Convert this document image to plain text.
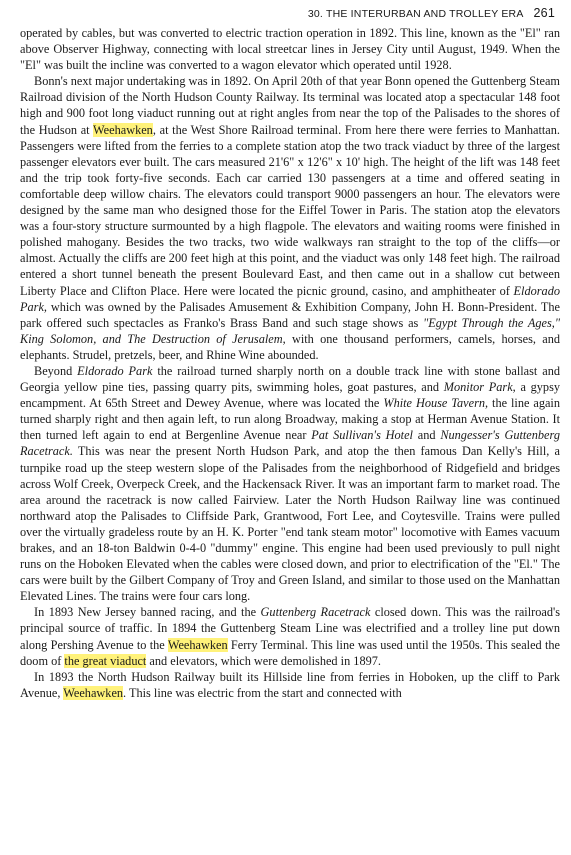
30. THE INTERURBAN AND TROLLEY ERA 261

operated by cables, but was converted to electric traction operation in 1892. This line, known as the "El" ran above Observer Highway, connecting with local streetcar lines in Jersey City until August, 1949. When the "El" was built the incline was converted to a wagon elevator which operated until 1928.

Bonn's next major undertaking was in 1892. On April 20th of that year Bonn opened the Guttenberg Steam Railroad division of the North Hudson County Railway. Its terminal was located atop a spectacular 148 foot high and 900 foot long viaduct running out at right angles from near the top of the Palisades to the shores of the Hudson at Weehawken, at the West Shore Railroad terminal. From here there were ferries to Manhattan. Passengers were lifted from the ferries to a complete station atop the two track viaduct by three of the largest passenger elevators ever built. The cars measured 21'6" x 12'6" x 10' high. The height of the lift was 148 feet and the trip took forty-five seconds. Each car carried 130 passengers at a time and offered seating in comfortable deep willow chairs. The elevators could transport 9000 passengers an hour. The elevators were designed by the same man who designed those for the Eiffel Tower in Paris. The station atop the elevators was a four-story structure surmounted by a high flagpole. The elevators and waiting rooms were finished in polished mahogany. Besides the two tracks, two wide walkways ran straight to the top of the cliffs—or almost. Actually the cliffs are 200 feet high at this point, and the viaduct was only 148 feet high. The railroad entered a short tunnel beneath the present Boulevard East, and then came out in a shallow cut between Liberty Place and Clifton Place. Here were located the picnic ground, casino, and amphitheater of Eldorado Park, which was owned by the Palisades Amusement & Exhibition Company, John H. Bonn-President. The park offered such spectacles as Franko's Brass Band and such stage shows as "Egypt Through the Ages," King Solomon, and The Destruction of Jerusalem, with one thousand performers, camels, horses, and elephants. Strudel, pretzels, beer, and Rhine Wine abounded.

Beyond Eldorado Park the railroad turned sharply north on a double track line with stone ballast and Georgia yellow pine ties, passing quarry pits, swimming holes, goat pastures, and Monitor Park, a gypsy encampment. At 65th Street and Dewey Avenue, where was located the White House Tavern, the line again turned sharply right and then again left, to run along Broadway, making a stop at Herman Avenue Station. It then turned left again to end at Bergenline Avenue near Pat Sullivan's Hotel and Nungesser's Guttenberg Racetrack. This was near the present North Hudson Park, and atop the then famous Dan Kelly's Hill, a turnpike road up the steep western slope of the Palisades from the neighborhood of Ridgefield and bridges across Wolf Creek, Overpeck Creek, and the Hackensack River. It was an important farm to market road. The area around the racetrack is now called Fairview. Later the North Hudson Railway line was continued northward atop the Palisades to Cliffside Park, Grantwood, Fort Lee, and Coytesville. Trains were pulled over the virtually gradeless route by an H. K. Porter "end tank steam motor" locomotive with Eames vacuum brakes, and an 18-ton Baldwin 0-4-0 "dummy" engine. This engine had been used previously to pull night runs on the Hoboken Elevated when the cables were closed down, and prior to electrification of the "El." The cars were built by the Gilbert Company of Troy and Green Island, and similar to those used on the Manhattan Elevated Lines. The trains were four cars long.

In 1893 New Jersey banned racing, and the Guttenberg Racetrack closed down. This was the railroad's principal source of traffic. In 1894 the Guttenberg Steam Line was electrified and a trolley line put down along Pershing Avenue to the Weehawken Ferry Terminal. This line was used until the 1950s. This sealed the doom of the great viaduct and elevators, which were demolished in 1897.

In 1893 the North Hudson Railway built its Hillside line from ferries in Hoboken, up the cliff to Park Avenue, Weehawken. This line was electric from the start and connected with
